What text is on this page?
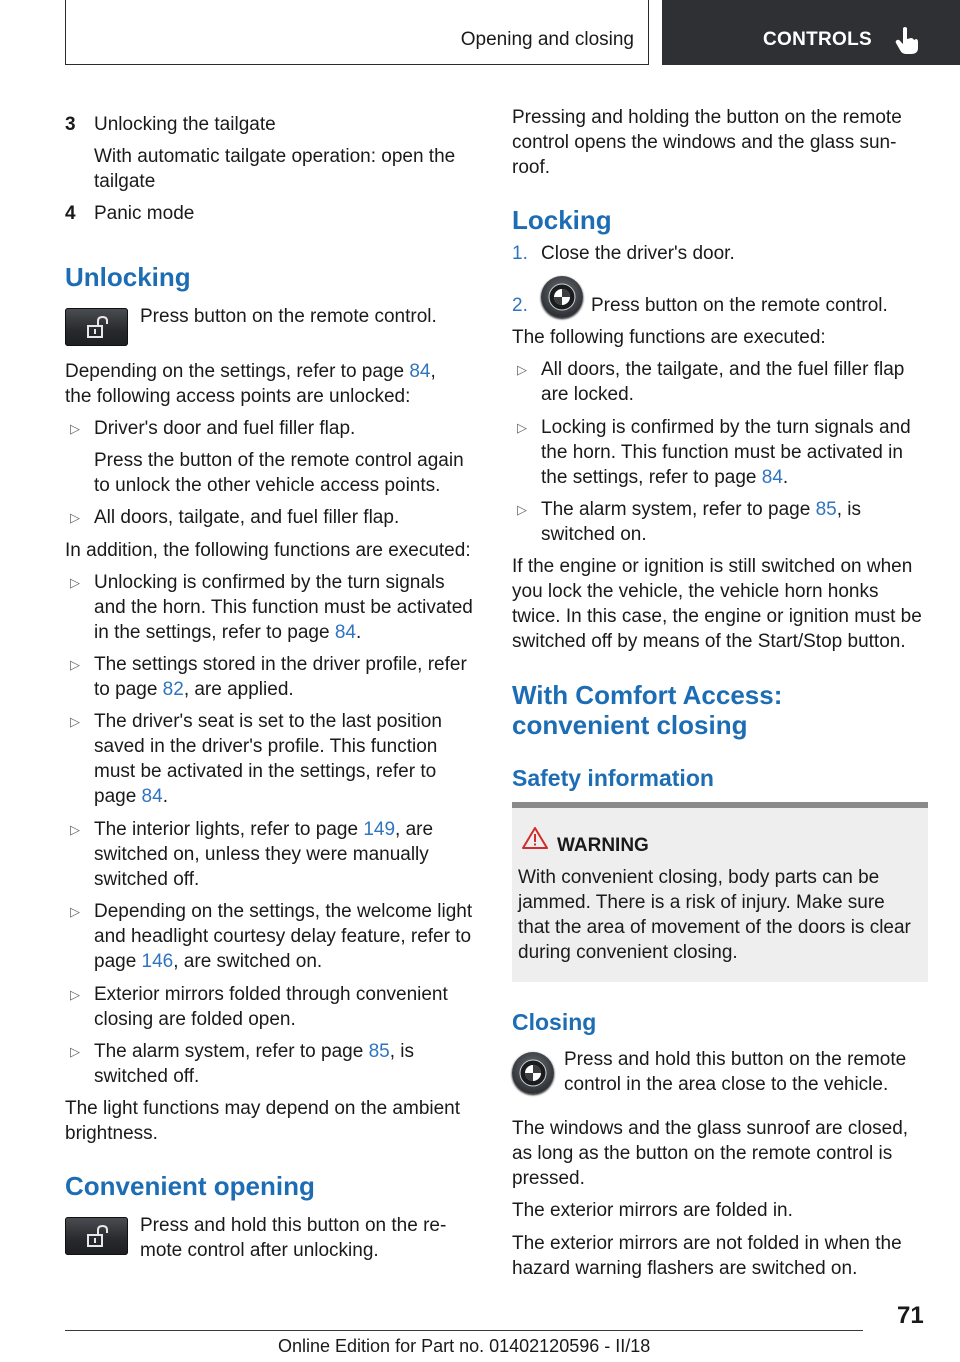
Opening and closing	CONTROLS
3 Unlocking the tailgate
With automatic tailgate operation: open the
tailgate
4 Panic mode
Unlocking
Press button on the remote control.
Depending on the settings, refer to page 84,
the following access points are unlocked:
▷ Driver's door and fuel filler flap.
Press the button of the remote control again
to unlock the other vehicle access points.
▷ All doors, tailgate, and fuel filler flap.
In addition, the following functions are executed:
▷ Unlocking is confirmed by the turn signals
and the horn. This function must be activated
in the settings, refer to page 84.
▷ The settings stored in the driver profile, refer
to page 82, are applied.
▷ The driver's seat is set to the last position
saved in the driver's profile. This function
must be activated in the settings, refer to
page 84.
▷ The interior lights, refer to page 149, are
switched on, unless they were manually
switched off.
▷ Depending on the settings, the welcome light
and headlight courtesy delay feature, refer to
page 146, are switched on.
▷ Exterior mirrors folded through convenient
closing are folded open.
▷ The alarm system, refer to page 85, is
switched off.
The light functions may depend on the ambient
brightness.
Convenient opening
Press and hold this button on the re‐
mote control after unlocking.
Pressing and holding the button on the remote
control opens the windows and the glass sun‐
roof.
Locking
1. Close the driver's door.
2.	Press button on the remote control.
The following functions are executed:
▷ All doors, the tailgate, and the fuel filler flap
are locked.
▷ Locking is confirmed by the turn signals and
the horn. This function must be activated in
the settings, refer to page 84.
▷ The alarm system, refer to page 85, is
switched on.
If the engine or ignition is still switched on when
you lock the vehicle, the vehicle horn honks
twice. In this case, the engine or ignition must be
switched off by means of the Start/Stop button.
With Comfort Access:
convenient closing
Safety information
WARNING
With convenient closing, body parts can be
jammed. There is a risk of injury. Make sure
that the area of movement of the doors is clear
during convenient closing.
Closing
Press and hold this button on the remote
control in the area close to the vehicle.
The windows and the glass sunroof are closed,
as long as the button on the remote control is
pressed.
The exterior mirrors are folded in.
The exterior mirrors are not folded in when the
hazard warning flashers are switched on.
71
Online Edition for Part no. 01402120596 - II/18
